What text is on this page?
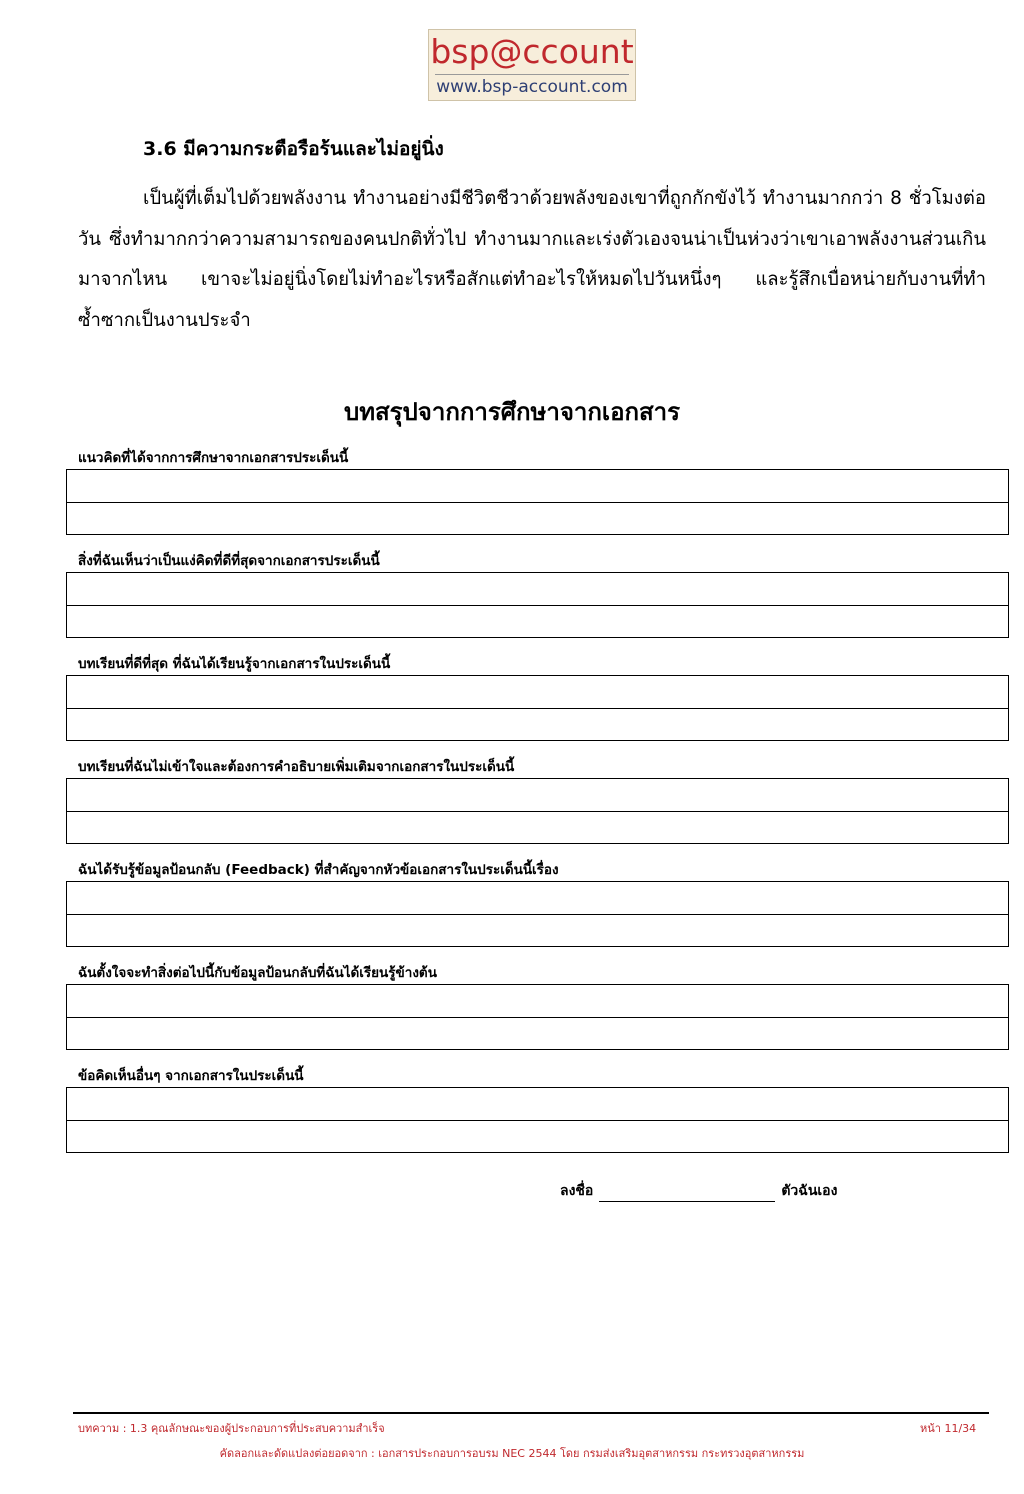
bsp@ccount
www.bsp-account.com
3.6 มีความกระตือรือร้นและไม่อยู่นิ่ง
เป็นผู้ที่เต็มไปด้วยพลังงาน ทำงานอย่างมีชีวิตชีวาด้วยพลังของเขาที่ถูกกักขังไว้ ทำงานมากกว่า 8 ชั่วโมงต่อวัน ซึ่งทำมากกว่าความสามารถของคนปกติทั่วไป ทำงานมากและเร่งตัวเองจนน่าเป็นห่วงว่าเขาเอาพลังงานส่วนเกินมาจากไหน เขาจะไม่อยู่นิ่งโดยไม่ทำอะไรหรือสักแต่ทำอะไรให้หมดไปวันหนึ่งๆ และรู้สึกเบื่อหน่ายกับงานที่ทำซ้ำซากเป็นงานประจำ
บทสรุปจากการศึกษาจากเอกสาร
แนวคิดที่ได้จากการศึกษาจากเอกสารประเด็นนี้
สิ่งที่ฉันเห็นว่าเป็นแง่คิดที่ดีที่สุดจากเอกสารประเด็นนี้
บทเรียนที่ดีที่สุด ที่ฉันได้เรียนรู้จากเอกสารในประเด็นนี้
บทเรียนที่ฉันไม่เข้าใจและต้องการคำอธิบายเพิ่มเติมจากเอกสารในประเด็นนี้
ฉันได้รับรู้ข้อมูลป้อนกลับ (Feedback) ที่สำคัญจากหัวข้อเอกสารในประเด็นนี้เรื่อง
ฉันตั้งใจจะทำสิ่งต่อไปนี้กับข้อมูลป้อนกลับที่ฉันได้เรียนรู้ข้างต้น
ข้อคิดเห็นอื่นๆ จากเอกสารในประเด็นนี้
ลงชื่อ	ตัวฉันเอง
บทความ : 1.3 คุณลักษณะของผู้ประกอบการที่ประสบความสำเร็จ	หน้า 11/34
คัดลอกและดัดแปลงต่อยอดจาก : เอกสารประกอบการอบรม NEC 2544 โดย กรมส่งเสริมอุตสาหกรรม กระทรวงอุตสาหกรรม
